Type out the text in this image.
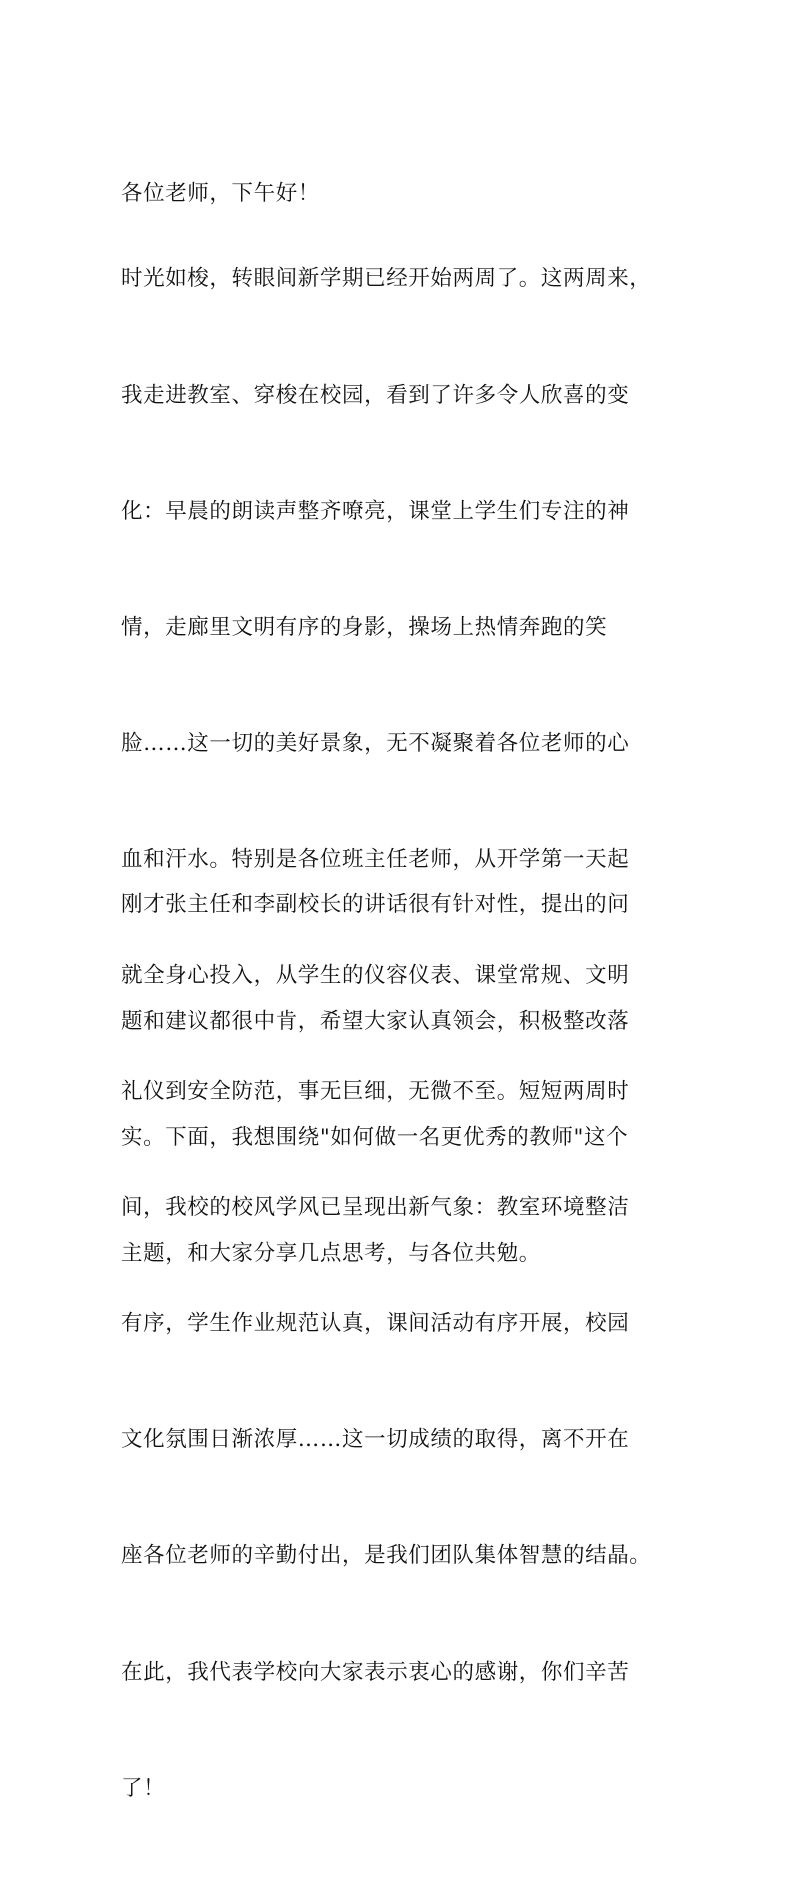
各位老师，下午好！

时光如梭，转眼间新学期已经开始两周了。这两周来，

我走进教室、穿梭在校园，看到了许多令人欣喜的变

化：早晨的朗读声整齐嘹亮，课堂上学生们专注的神

情，走廊里文明有序的身影，操场上热情奔跑的笑

脸……这一切的美好景象，无不凝聚着各位老师的心

血和汗水。特别是各位班主任老师，从开学第一天起

就全身心投入，从学生的仪容仪表、课堂常规、文明

礼仪到安全防范，事无巨细，无微不至。短短两周时

间，我校的校风学风已呈现出新气象：教室环境整洁

有序，学生作业规范认真，课间活动有序开展，校园

文化氛围日渐浓厚……这一切成绩的取得，离不开在

座各位老师的辛勤付出，是我们团队集体智慧的结晶。

在此，我代表学校向大家表示衷心的感谢，你们辛苦

了！

刚才张主任和李副校长的讲话很有针对性，提出的问

题和建议都很中肯，希望大家认真领会，积极整改落

实。下面，我想围绕"如何做一名更优秀的教师"这个

主题，和大家分享几点思考，与各位共勉。
